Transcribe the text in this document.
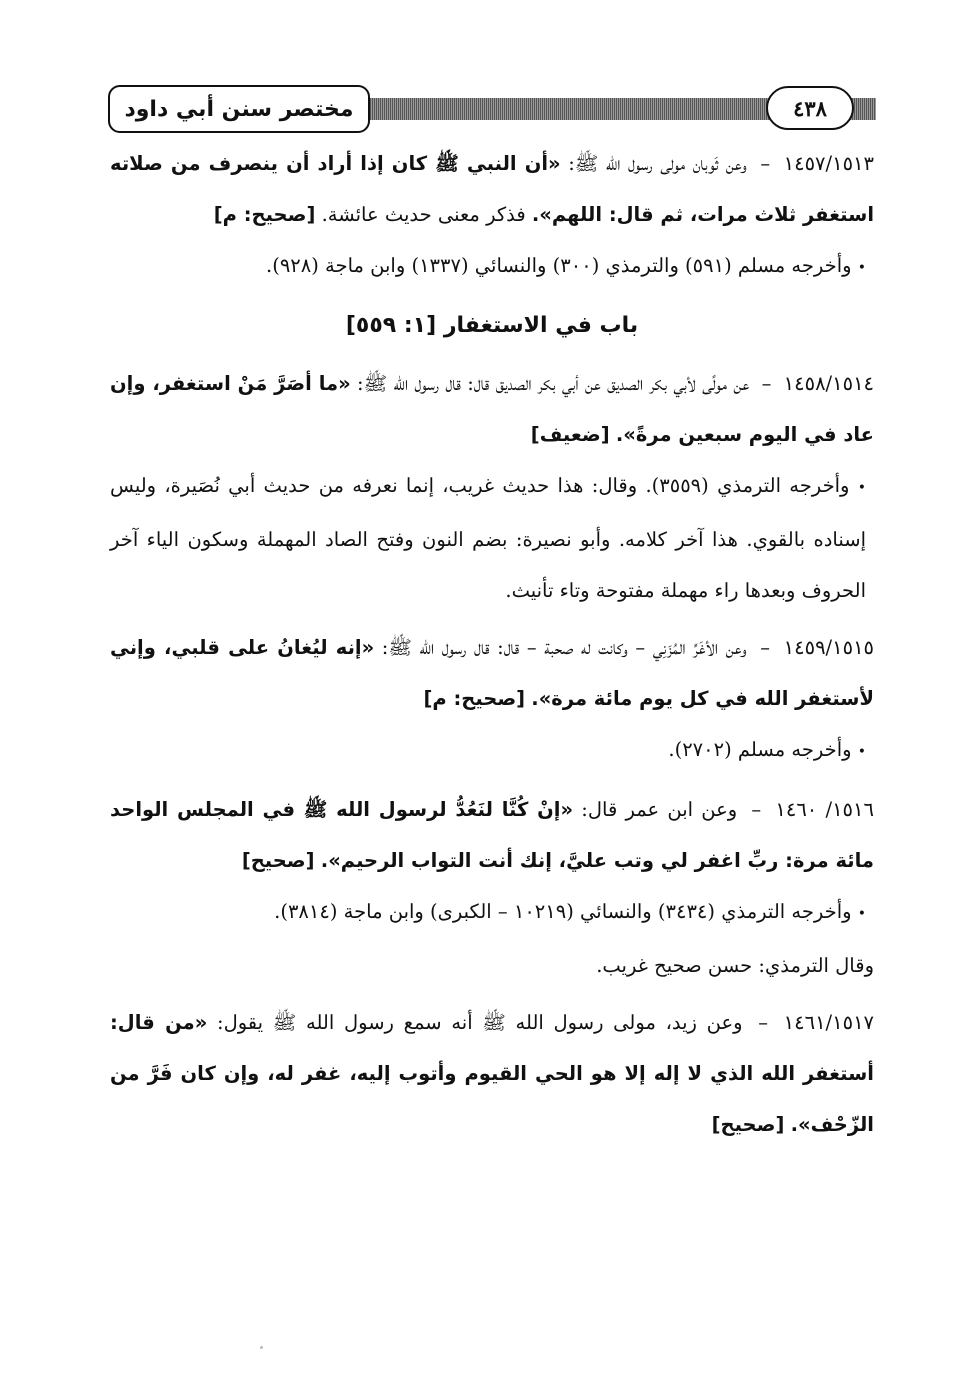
مختصر سنن أبي داود	٤٣٨

١٤٥٧/١٥١٣ – وعن ثَوبان مولى رسول الله ﷺ: «أن النبي ﷺ كان إذا أراد أن ينصرف من صلاته استغفر ثلاث مرات، ثم قال: اللهم». فذكر معنى حديث عائشة. [صحيح: م]

• وأخرجه مسلم (٥٩١) والترمذي (٣٠٠) والنسائي (١٣٣٧) وابن ماجة (٩٢٨).

باب في الاستغفار [١: ٥٥٩]

١٤٥٨/١٥١٤ – عن مولًى لأبي بكر الصديق عن أبي بكر الصديق قال: قال رسول الله ﷺ: «ما أصَرَّ مَنْ استغفر، وإن عاد في اليوم سبعين مرةً». [ضعيف]

• وأخرجه الترمذي (٣٥٥٩). وقال: هذا حديث غريب، إنما نعرفه من حديث أبي نُصَيرة، وليس إسناده بالقوي. هذا آخر كلامه. وأبو نصيرة: بضم النون وفتح الصاد المهملة وسكون الياء آخر الحروف وبعدها راء مهملة مفتوحة وتاء تأنيث.

١٤٥٩/١٥١٥ – وعن الأغَرِّ المُزَنِي – وكانت له صحبة – قال: قال رسول الله ﷺ: «إنه ليُغانُ على قلبي، وإني لأستغفر الله في كل يوم مائة مرة». [صحيح: م]

• وأخرجه مسلم (٢٧٠٢).

١٥١٦/ ١٤٦٠ – وعن ابن عمر قال: «إنْ كُنَّا لنَعُدُّ لرسول الله ﷺ في المجلس الواحد مائة مرة: ربِّ اغفر لي وتب عليَّ، إنك أنت التواب الرحيم». [صحيح]

• وأخرجه الترمذي (٣٤٣٤) والنسائي (١٠٢١٩ – الكبرى) وابن ماجة (٣٨١٤).

وقال الترمذي: حسن صحيح غريب.

١٤٦١/١٥١٧ – وعن زيد، مولى رسول الله ﷺ أنه سمع رسول الله ﷺ يقول: «من قال: أستغفر الله الذي لا إله إلا هو الحي القيوم وأتوب إليه، غفر له، وإن كان فَرَّ من الزّحْف». [صحيح]
